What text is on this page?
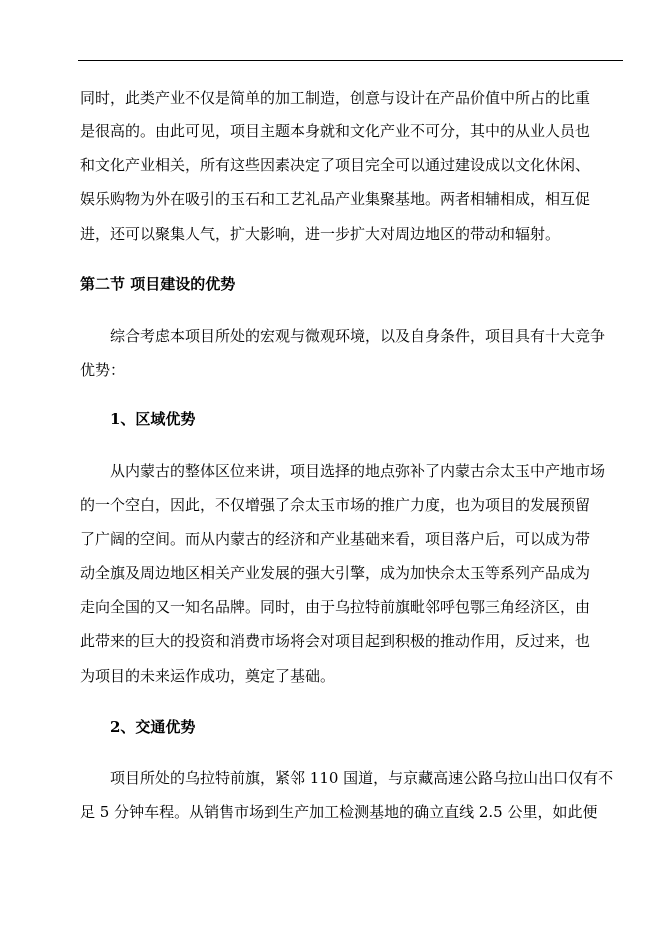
同时，此类产业不仅是简单的加工制造，创意与设计在产品价值中所占的比重
是很高的。由此可见，项目主题本身就和文化产业不可分，其中的从业人员也
和文化产业相关，所有这些因素决定了项目完全可以通过建设成以文化休闲、
娱乐购物为外在吸引的玉石和工艺礼品产业集聚基地。两者相辅相成，相互促
进，还可以聚集人气，扩大影响，进一步扩大对周边地区的带动和辐射。
第二节 项目建设的优势
综合考虑本项目所处的宏观与微观环境，以及自身条件，项目具有十大竞争
优势：
1、区域优势
从内蒙古的整体区位来讲，项目选择的地点弥补了内蒙古佘太玉中产地市场
的一个空白，因此，不仅增强了佘太玉市场的推广力度，也为项目的发展预留
了广阔的空间。而从内蒙古的经济和产业基础来看，项目落户后，可以成为带
动全旗及周边地区相关产业发展的强大引擎，成为加快佘太玉等系列产品成为
走向全国的又一知名品牌。同时，由于乌拉特前旗毗邻呼包鄂三角经济区，由
此带来的巨大的投资和消费市场将会对项目起到积极的推动作用，反过来，也
为项目的未来运作成功，奠定了基础。
2、交通优势
项目所处的乌拉特前旗，紧邻 110 国道，与京藏高速公路乌拉山出口仅有不
足 5 分钟车程。从销售市场到生产加工检测基地的确立直线 2.5 公里，如此便
